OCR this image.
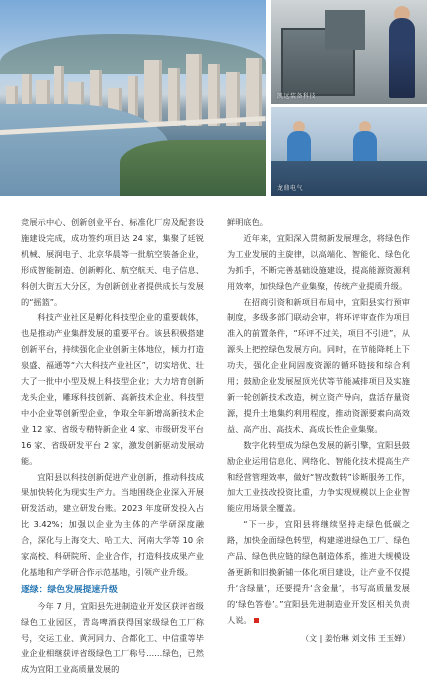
凯远装备科技
龙鼎电气

竞展示中心、创新创业平台、标准化厂房及配套设施建设完成，成功签约项目达 24 家，集聚了廷锐机械、展润电子、北京华晨等一批航空装备企业，形成智能制造、创新孵化、航空航天、电子信息、科创大街五大分区，为创新创业者提供成长与发展的“摇篮”。

科技产业社区是孵化科技型企业的重要载体，也是推动产业集群发展的重要平台。该县积极搭建创新平台，持续强化企业创新主体地位，倾力打造泉盛、福通等“六大科技产业社区”，切实培优、壮大了一批中小型及规上科技型企业；大力培育创新龙头企业，雕琢科技创新、高新技术企业、科技型中小企业等创新型企业，争取全年新增高新技术企业 12 家、省级专精特新企业 4 家、市级研发平台 16 家、省级研发平台 2 家，激发创新驱动发展动能。

宜阳县以科技创新促进产业创新，推动科技成果加快转化为现实生产力。当地围绕企业深入开展研发活动，建立研发台账。2023 年度研发投入占比 3.42%；加强以企业为主体的产学研深度融合，深化与上海交大、哈工大、河南大学等 10 余家高校、科研院所、企业合作，打造科技成果产业化基地和产学研合作示范基地，引领产业升级。

逐绿：绿色发展提速升级

今年 7 月，宜阳县先进制造业开发区获评省级绿色工业园区，青岛啤酒获得国家级绿色工厂称号，交运工业、黄河同力、合都化工、中信重等毕业企业相继获评省级绿色工厂称号……绿色，已然成为宜阳工业高质量发展的

鲜明底色。

近年来，宜阳深入贯彻新发展理念，将绿色作为工业发展的主旋律，以高端化、智能化、绿色化为抓手，不断完善基础设施建设，提高能源资源利用效率，加快绿色产业集聚，传统产业提质升级。

在招商引资和新项目布局中，宜阳县实行预审制度，多级多部门联动会审，将环评审查作为项目准入的前置条件，“环评不过关，项目不引进”，从源头上把控绿色发展方向。同时，在节能降耗上下功夫，强化企业间固废资源的循环链接和综合利用；鼓励企业发展屋顶光伏等节能减排项目及实施新一轮创新技术改造，树立资产导向，盘活存量资源，提升土地集约利用程度，推动资源要素向高效益、高产出、高技术、高成长性企业集聚。

数字化转型成为绿色发展的新引擎，宜阳县鼓励企业运用信息化、网络化、智能化技术提高生产和经营管理效率，做好“智改数转”诊断服务工作，加大工业技改投资比重，力争实现规模以上企业智能应用场景全覆盖。

“下一步，宜阳县将继续坚持走绿色低碳之路，加快金面绿色转型，构建递进绿色工厂、绿色产品、绿色供应链的绿色制造体系，推进大规模设备更新和旧换新铺一体化项目建设，让产业不仅提升‘含绿量’，还要提升‘含金量’，书写高质量发展的‘绿色答卷’。”宜阳县先进制造业开发区相关负责人说。

（文 | 姜怡琳 刘文伟 王玉婵）
